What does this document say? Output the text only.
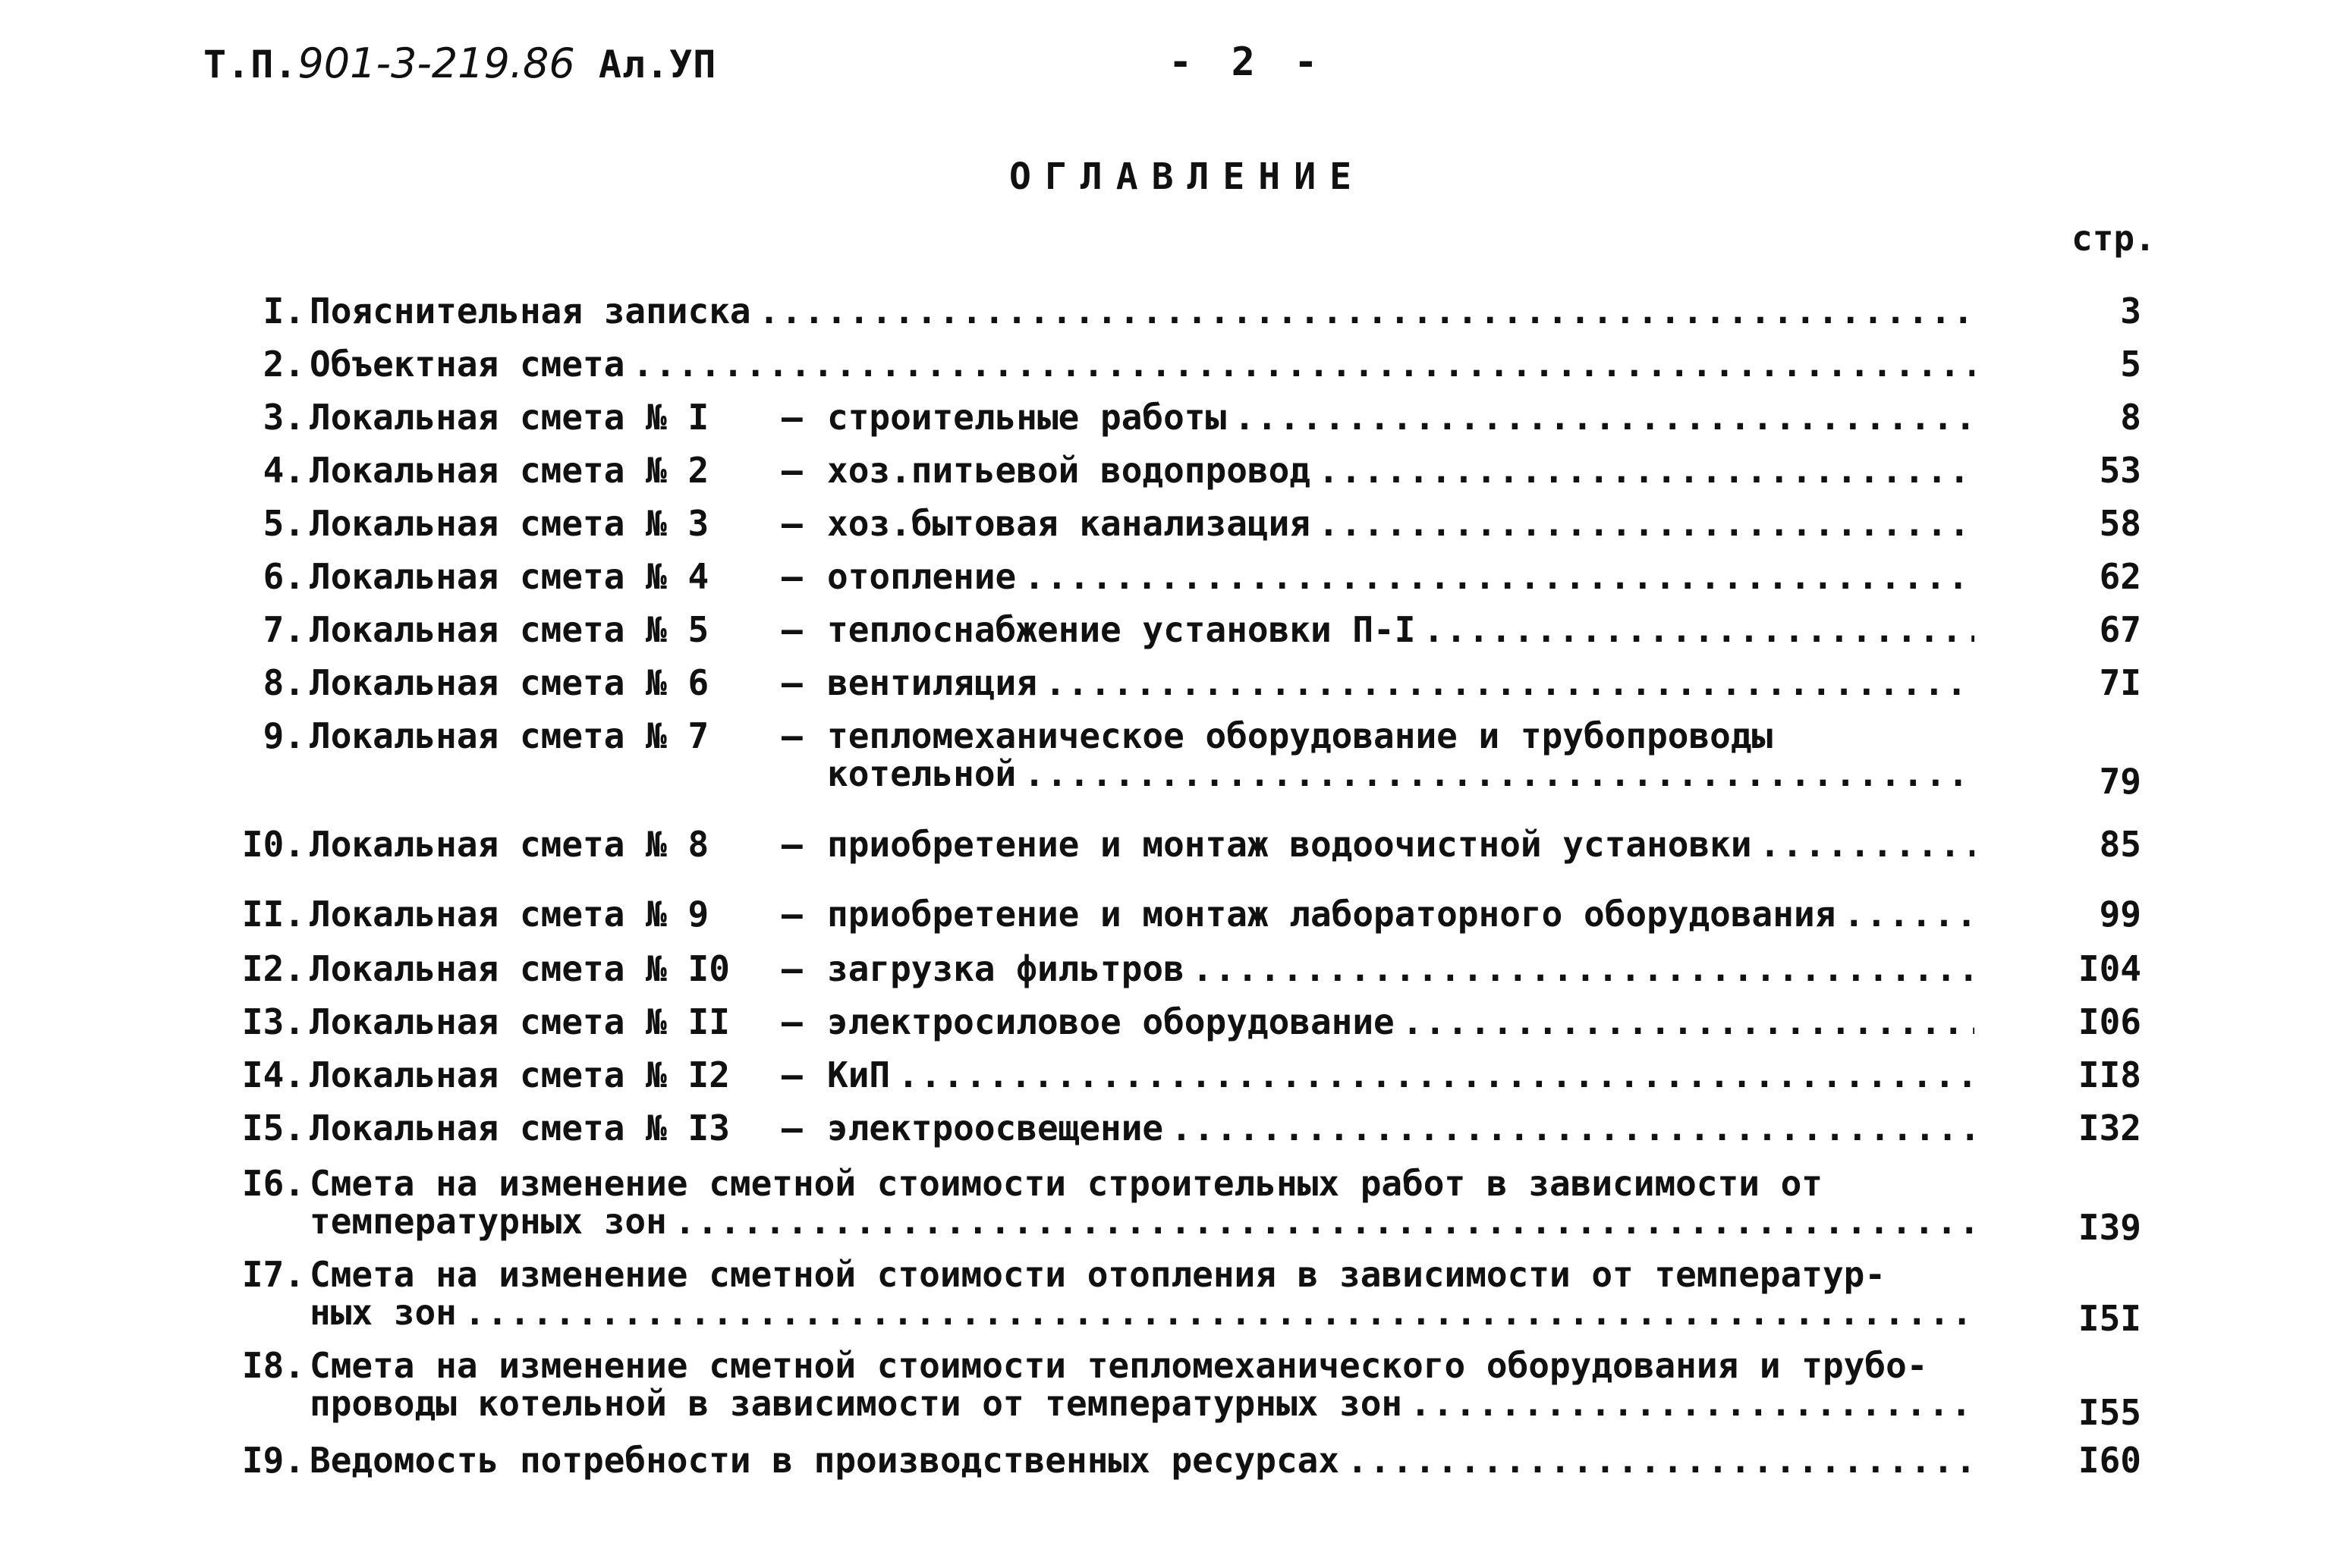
Т.П.901-3-219.86 Ал.УП	- 2 -
ОГЛАВЛЕНИЕ
стр.
I. Пояснительная записка .....	3
2. Объектная смета .....	5
3. Локальная смета № I – строительные работы .....	8
4. Локальная смета № 2 – хоз.питьевой водопровод .....	53
5. Локальная смета № 3 – хоз.бытовая канализация .....	58
6. Локальная смета № 4 – отопление .....	62
7. Локальная смета № 5 – теплоснабжение установки П-I .....	67
8. Локальная смета № 6 – вентиляция .....	7I
9. Локальная смета № 7 – тепломеханическое оборудование и трубопроводы
котельной .....	79
I0. Локальная смета № 8 – приобретение и монтаж водоочистной установки .....	85
II. Локальная смета № 9 – приобретение и монтаж лабораторного оборудования .....	99
I2. Локальная смета № I0 – загрузка фильтров .....	I04
I3. Локальная смета № II – электросиловое оборудование .....	I06
I4. Локальная смета № I2 – КиП .....	II8
I5. Локальная смета № I3 – электроосвещение .....	I32
I6. Смета на изменение сметной стоимости строительных работ в зависимости от
температурных зон .....	I39
I7. Смета на изменение сметной стоимости отопления в зависимости от температур-
ных зон .....	I5I
I8. Смета на изменение сметной стоимости тепломеханического оборудования и трубо-
проводы котельной в зависимости от температурных зон .....	I55
I9. Ведомость потребности в производственных ресурсах .....	I60
